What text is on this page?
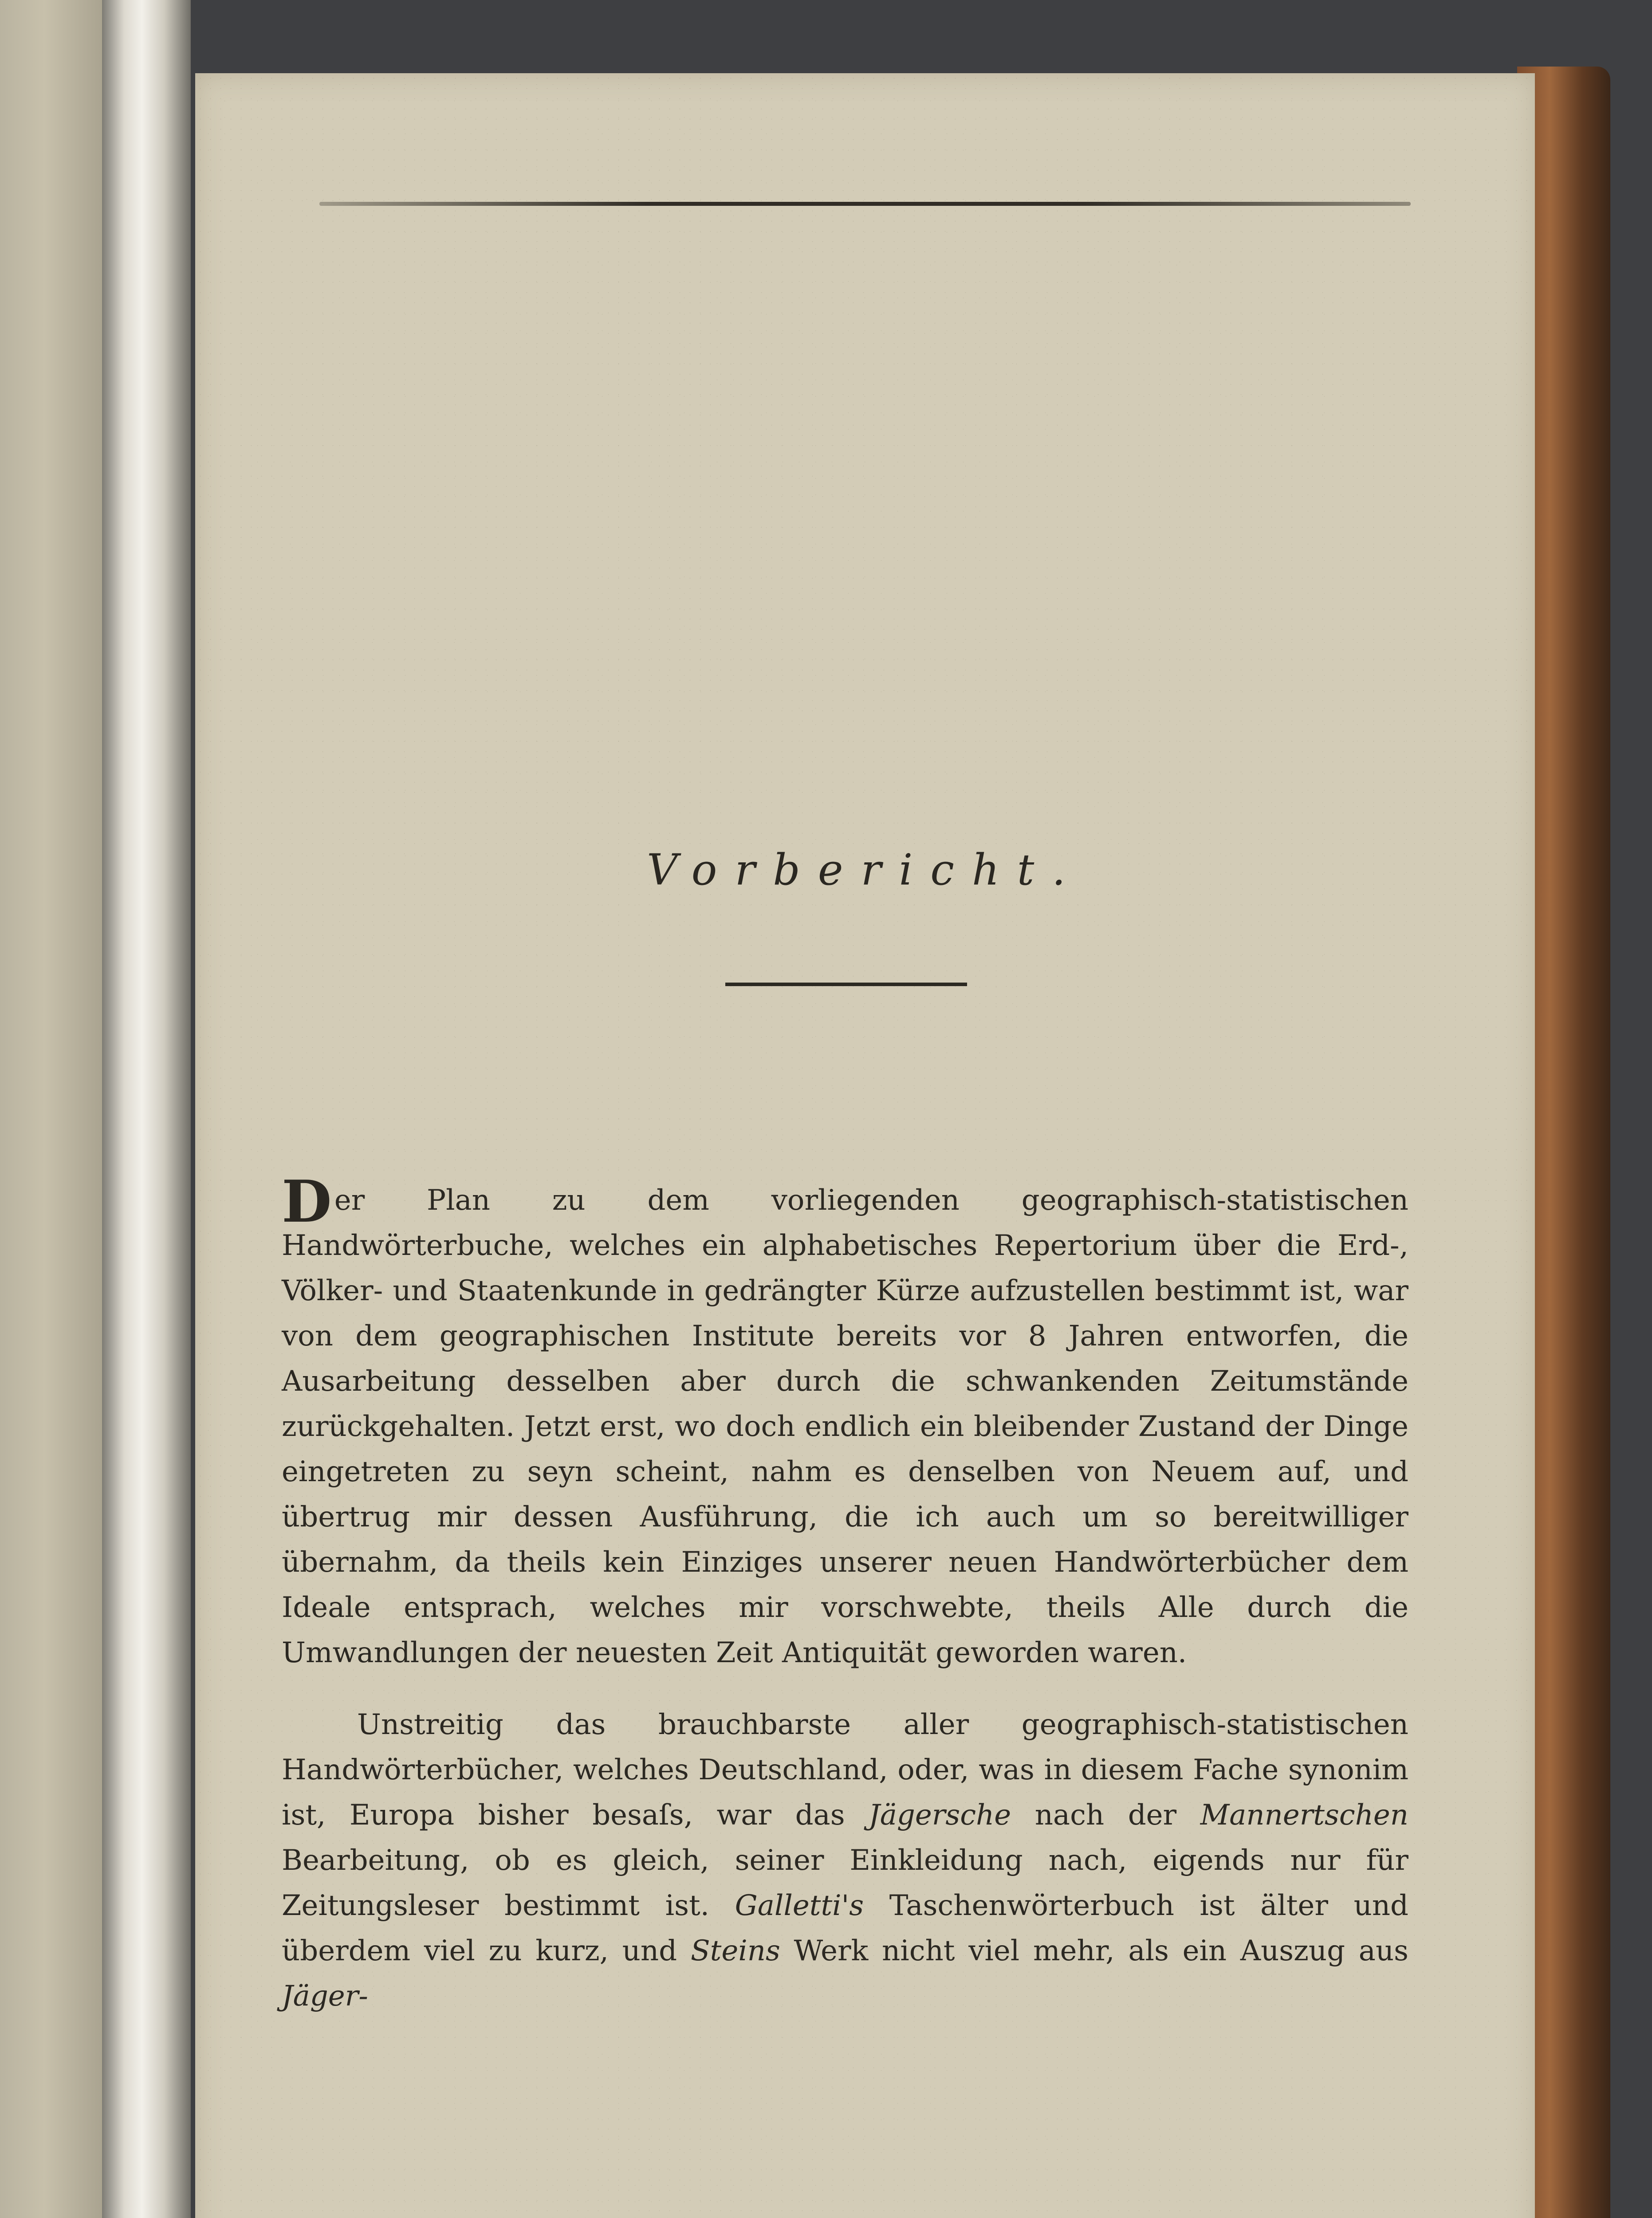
Vorbericht.

Der Plan zu dem vorliegenden geographisch-statistischen Handwörterbuche, welches ein alphabetisches Repertorium über die Erd-, Völker- und Staatenkunde in gedrängter Kürze aufzustellen bestimmt ist, war von dem geographischen Institute bereits vor 8 Jahren entworfen, die Ausarbeitung desselben aber durch die schwankenden Zeitumstände zurückgehalten. Jetzt erst, wo doch endlich ein bleibender Zustand der Dinge eingetreten zu seyn scheint, nahm es denselben von Neuem auf, und übertrug mir dessen Ausführung, die ich auch um so bereitwilliger übernahm, da theils kein Einziges unserer neuen Handwörterbücher dem Ideale entsprach, welches mir vorschwebte, theils Alle durch die Umwandlungen der neuesten Zeit Antiquität geworden waren.

Unstreitig das brauchbarste aller geographisch-statistischen Handwörterbücher, welches Deutschland, oder, was in diesem Fache synonim ist, Europa bisher besaſs, war das Jägersche nach der Mannertschen Bearbeitung, ob es gleich, seiner Einkleidung nach, eigends nur für Zeitungsleser bestimmt ist. Galletti's Taschenwörterbuch ist älter und überdem viel zu kurz, und Steins Werk nicht viel mehr, als ein Auszug aus Jäger-
